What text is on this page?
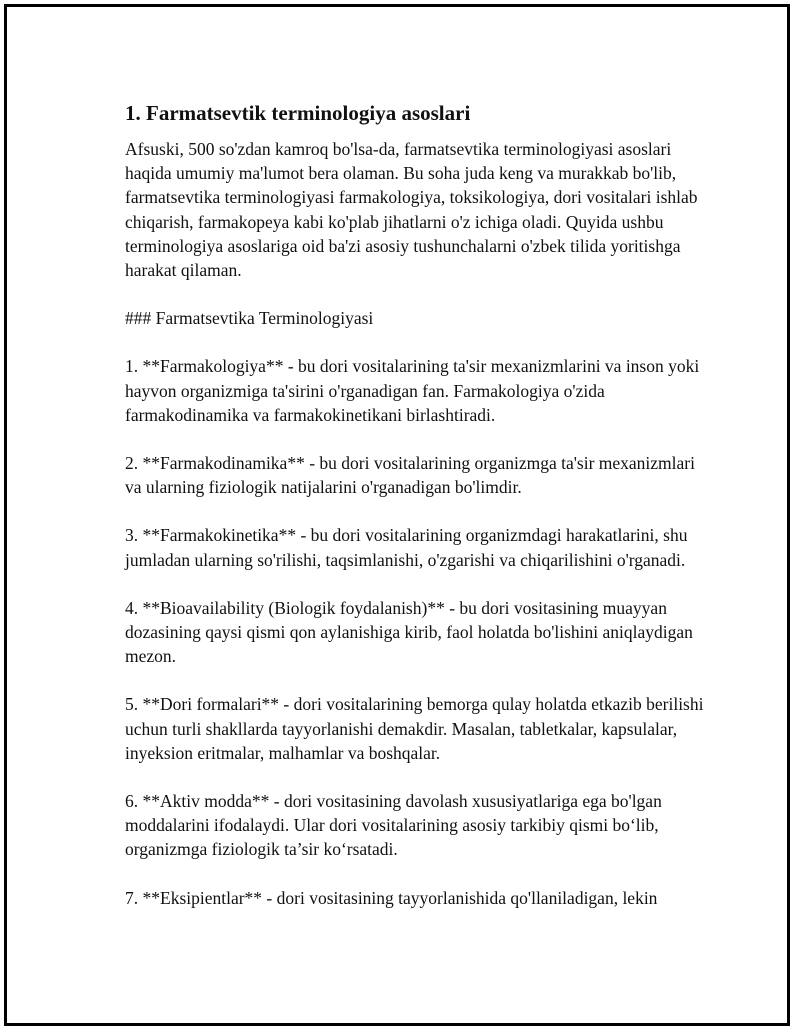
1. Farmatsevtik terminologiya asoslari

Afsuski, 500 so'zdan kamroq bo'lsa-da, farmatsevtika terminologiyasi asoslari haqida umumiy ma'lumot bera olaman. Bu soha juda keng va murakkab bo'lib, farmatsevtika terminologiyasi farmakologiya, toksikologiya, dori vositalari ishlab chiqarish, farmakopeya kabi ko'plab jihatlarni o'z ichiga oladi. Quyida ushbu terminologiya asoslariga oid ba'zi asosiy tushunchalarni o'zbek tilida yoritishga harakat qilaman.

### Farmatsevtika Terminologiyasi

1. **Farmakologiya** - bu dori vositalarining ta'sir mexanizmlarini va inson yoki hayvon organizmiga ta'sirini o'rganadigan fan. Farmakologiya o'zida farmakodinamika va farmakokinetikani birlashtiradi.

2. **Farmakodinamika** - bu dori vositalarining organizmga ta'sir mexanizmlari va ularning fiziologik natijalarini o'rganadigan bo'limdir.

3. **Farmakokinetika** - bu dori vositalarining organizmdagi harakatlarini, shu jumladan ularning so'rilishi, taqsimlanishi, o'zgarishi va chiqarilishini o'rganadi.

4. **Bioavailability (Biologik foydalanish)** - bu dori vositasining muayyan dozasining qaysi qismi qon aylanishiga kirib, faol holatda bo'lishini aniqlaydigan mezon.

5. **Dori formalari** - dori vositalarining bemorga qulay holatda etkazib berilishi uchun turli shakllarda tayyorlanishi demakdir. Masalan, tabletkalar, kapsulalar, inyeksion eritmalar, malhamlar va boshqalar.

6. **Aktiv modda** - dori vositasining davolash xususiyatlariga ega bo'lgan moddalarini ifodalaydi. Ular dori vositalarining asosiy tarkibiy qismi bo‘lib, organizmga fiziologik ta’sir ko‘rsatadi.

7. **Eksipientlar** - dori vositasining tayyorlanishida qo'llaniladigan, lekin
